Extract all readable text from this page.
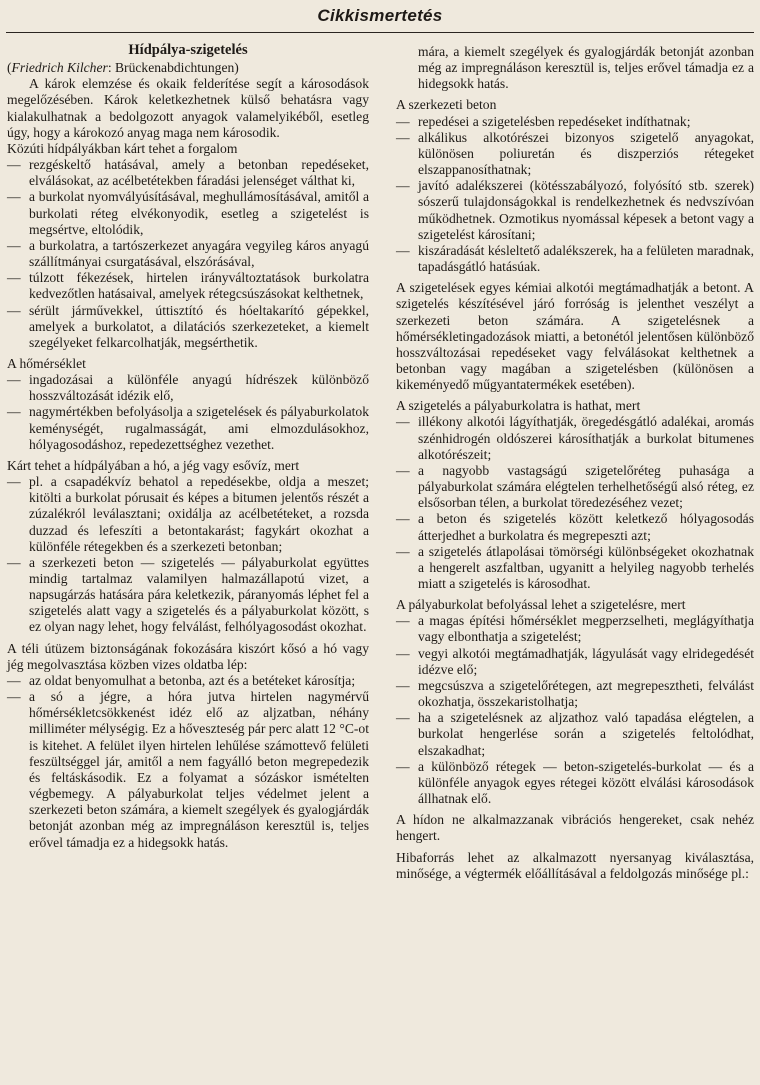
Cikkismertetés

Hídpálya-szigetelés

(Friedrich Kilcher: Brückenabdichtungen)

A károk elemzése és okaik felderítése segít a károsodások megelőzésében. Károk keletkezhetnek külső behatásra vagy kialakulhatnak a bedolgozott anyagok valamelyikéből, esetleg úgy, hogy a károkozó anyag maga nem károsodik.

Közúti hídpályákban kárt tehet a forgalom

— rezgéskeltő hatásával, amely a betonban repedéseket, elválásokat, az acélbetétekben fáradási jelenséget válthat ki,
— a burkolat nyomvályúsításával, meghullámosításával, amitől a burkolati réteg elvékonyodik, esetleg a szigetelést is megsértve, eltolódik,
— a burkolatra, a tartószerkezet anyagára vegyileg káros anyagú szállítmányai csurgatásával, elszórásával,
— túlzott fékezések, hirtelen irányváltoztatások burkolatra kedvezőtlen hatásaival, amelyek rétegcsúszásokat kelthetnek,
— sérült járművekkel, úttisztító és hóeltakarító gépekkel, amelyek a burkolatot, a dilatációs szerkezeteket, a kiemelt szegélyeket felkarcolhatják, megsérthetik.

A hőmérséklet

— ingadozásai a különféle anyagú hídrészek különböző hosszváltozását idézik elő,
— nagymértékben befolyásolja a szigetelések és pályaburkolatok keménységét, rugalmasságát, ami elmozdulásokhoz, hólyagosodáshoz, repedezettséghez vezethet.

Kárt tehet a hídpályában a hó, a jég vagy esővíz, mert

— pl. a csapadékvíz behatol a repedésekbe, oldja a meszet; kitölti a burkolat pórusait és képes a bitumen jelentős részét a zúzalékról leválasztani; oxidálja az acélbetéteket, a rozsda duzzad és lefeszíti a betontakarást; fagykárt okozhat a különféle rétegekben és a szerkezeti betonban;
— a szerkezeti beton — szigetelés — pályaburkolat együttes mindig tartalmaz valamilyen halmazállapotú vizet, a napsugárzás hatására pára keletkezik, páranyomás léphet fel a szigetelés alatt vagy a szigetelés és a pályaburkolat között, s ez olyan nagy lehet, hogy felválást, felhólyagosodást okozhat.

A téli útüzem biztonságának fokozására kiszórt kősó a hó vagy jég megolvasztása közben vizes oldatba lép:

— az oldat benyomulhat a betonba, azt és a betéteket károsítja;
— a só a jégre, a hóra jutva hirtelen nagymérvű hőmérsékletcsökkenést idéz elő az aljzatban, néhány milliméter mélységig. Ez a hőveszteség pár perc alatt 12 °C-ot is kitehet. A felület ilyen hirtelen lehűlése számottevő felületi feszültséggel jár, amitől a nem fagyálló beton megrepedezik és feltáskásodik. Ez a folyamat a sózáskor ismételten végbemegy. A pályaburkolat teljes védelmet jelent a szerkezeti beton számára, a kiemelt szegélyek és gyalogjárdák betonját azonban még az impregnáláson keresztül is, teljes erővel támadja ez a hidegsokk hatás.

mára, a kiemelt szegélyek és gyalogjárdák betonját azonban még az impregnáláson keresztül is, teljes erővel támadja ez a hidegsokk hatás.

A szerkezeti beton

— repedései a szigetelésben repedéseket indíthatnak;
— alkálikus alkotórészei bizonyos szigetelő anyagokat, különösen poliuretán és diszperziós rétegeket elszappanosíthatnak;
— javító adalékszerei (kötésszabályozó, folyósító stb. szerek) sószerű tulajdonságokkal is rendelkezhetnek és nedvszívóan működhetnek. Ozmotikus nyomással képesek a betont vagy a szigetelést károsítani;
— kiszáradását késleltető adalékszerek, ha a felületen maradnak, tapadásgátló hatásúak.

A szigetelések egyes kémiai alkotói megtámadhatják a betont. A szigetelés készítésével járó forróság is jelenthet veszélyt a szerkezeti beton számára. A szigetelésnek a hőmérsékletingadozások miatti, a betonétól jelentősen különböző hosszváltozásai repedéseket vagy felválásokat kelthetnek a betonban vagy magában a szigetelésben (különösen a kikeményedő műgyantatermékek esetében).

A szigetelés a pályaburkolatra is hathat, mert

— illékony alkotói lágyíthatják, öregedésgátló adalékai, aromás szénhidrogén oldószerei károsíthatják a burkolat bitumenes alkotórészeit;
— a nagyobb vastagságú szigetelőréteg puhasága a pályaburkolat számára elégtelen terhelhetőségű alsó réteg, ez elsősorban télen, a burkolat töredezéséhez vezet;
— a beton és szigetelés között keletkező hólyagosodás átterjedhet a burkolatra és megrepeszti azt;
— a szigetelés átlapolásai tömörségi különbségeket okozhatnak a hengerelt aszfaltban, ugyanitt a helyileg nagyobb terhelés miatt a szigetelés is károsodhat.

A pályaburkolat befolyással lehet a szigetelésre, mert

— a magas építési hőmérséklet megperzselheti, meglágyíthatja vagy elbonthatja a szigetelést;
— vegyi alkotói megtámadhatják, lágyulását vagy elridegedését idézve elő;
— megcsúszva a szigetelőrétegen, azt megrepesztheti, felválást okozhatja, összekaristolhatja;
— ha a szigetelésnek az aljzathoz való tapadása elégtelen, a burkolat hengerlése során a szigetelés feltolódhat, elszakadhat;
— a különböző rétegek — beton-szigetelés-burkolat — és a különféle anyagok egyes rétegei között elválási károsodások állhatnak elő.

A hídon ne alkalmazzanak vibrációs hengereket, csak nehéz hengert.

Hibaforrás lehet az alkalmazott nyersanyag kiválasztása, minősége, a végtermék előállításával a feldolgozás minősége pl.:
